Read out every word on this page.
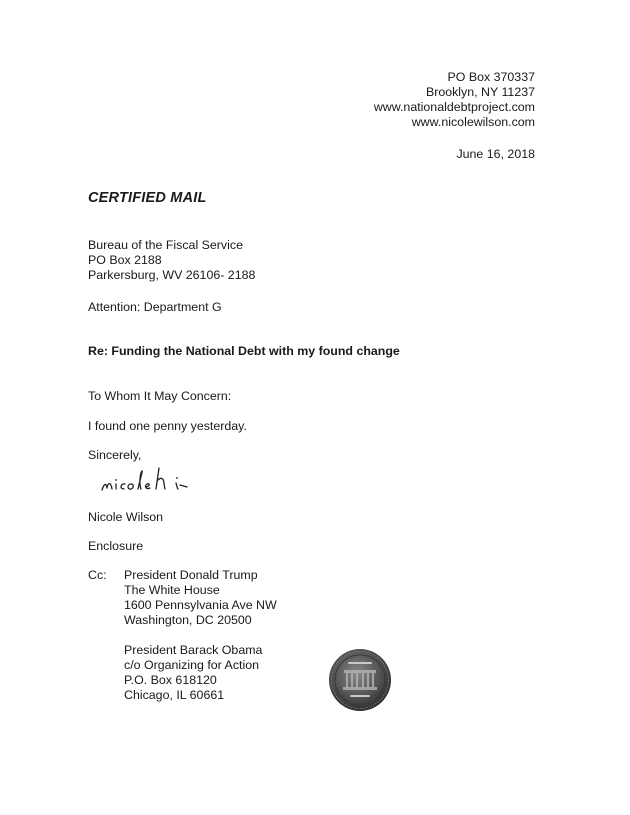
PO Box 370337
Brooklyn, NY 11237
www.nationaldebtproject.com
www.nicolewilson.com
June 16, 2018
CERTIFIED MAIL
Bureau of the Fiscal Service
PO Box 2188
Parkersburg, WV 26106- 2188
Attention: Department G
Re: Funding the National Debt with my found change
To Whom It May Concern:
I found one penny yesterday.
Sincerely,
Nicole Wilson
Enclosure
Cc: President Donald Trump
The White House
1600 Pennsylvania Ave NW
Washington, DC 20500
President Barack Obama
c/o Organizing for Action
P.O. Box 618120
Chicago, IL 60661
